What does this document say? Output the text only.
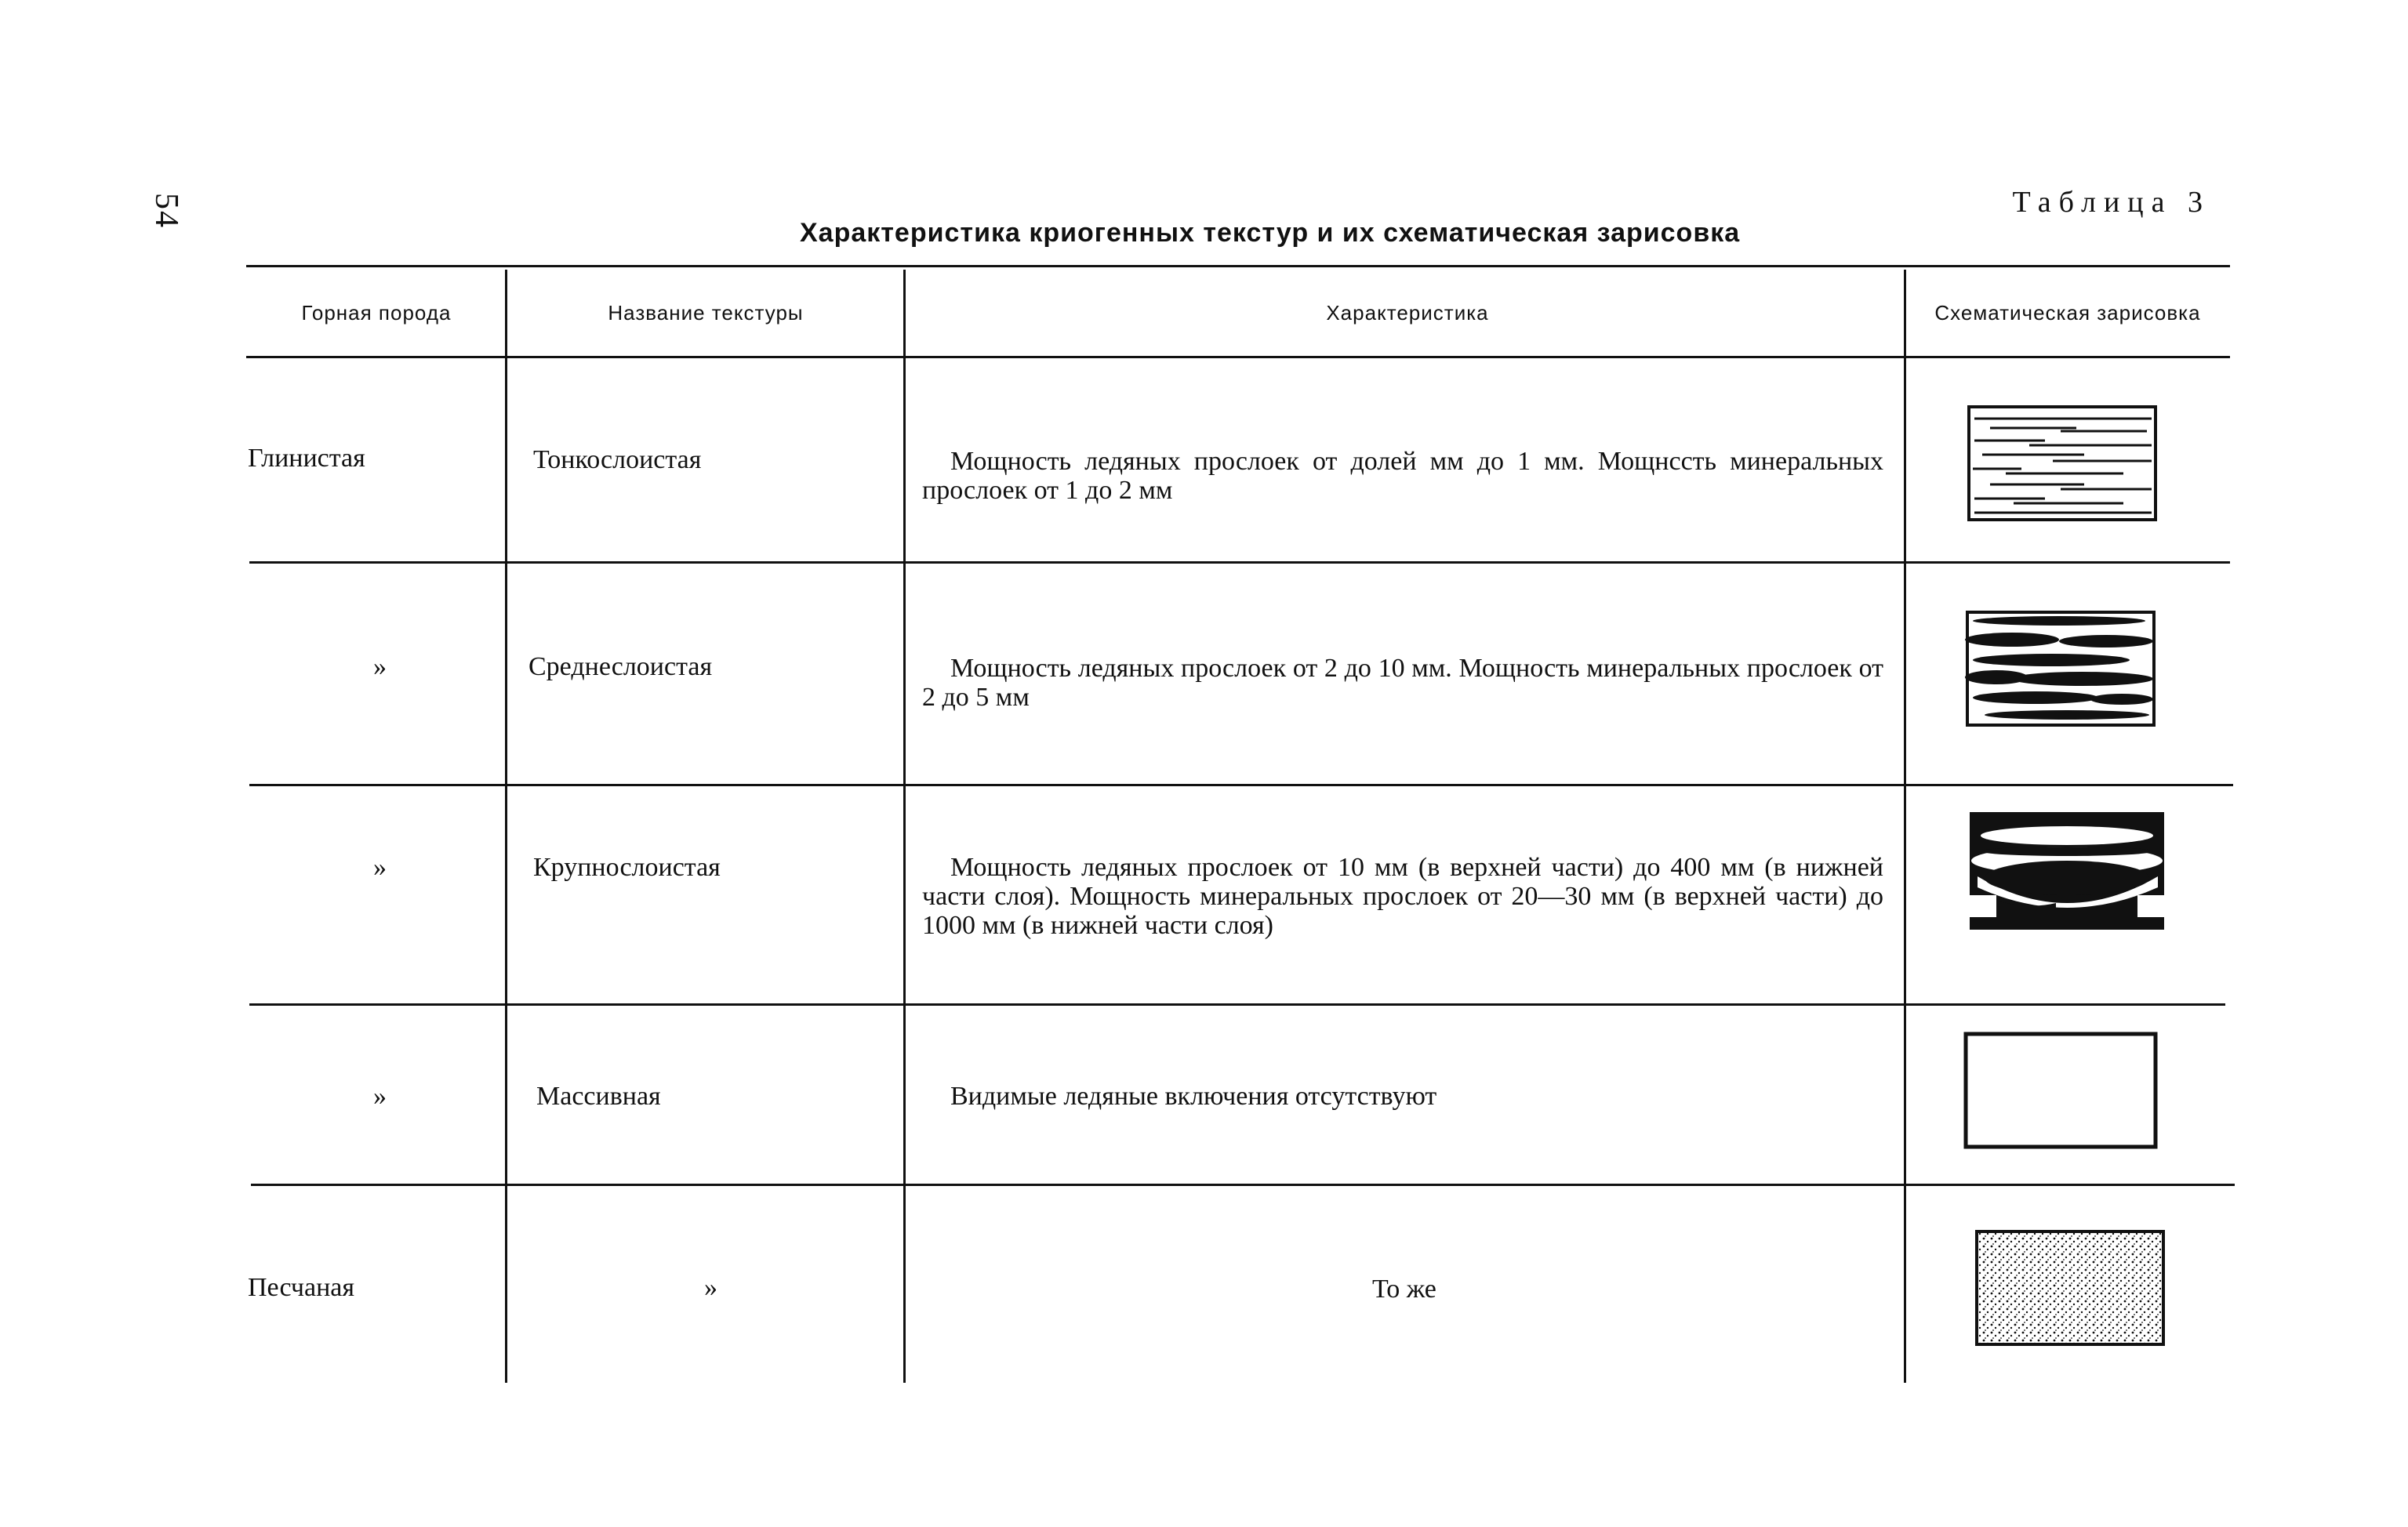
54	Таблица 3
Характеристика криогенных текстур и их схематическая зарисовка
Горная порода	Название текстуры	Характеристика	Схематическая зарисовка
Глинистая	Тонкослоистая	Мощность ледяных прослоек от долей мм до 1 мм. Мощнссть минеральных прослоек от 1 до 2 мм
»	Среднеслоистая	Мощность ледяных прослоек от 2 до 10 мм. Мощность минеральных прослоек от 2 до 5 мм
»	Крупнослоистая	Мощность ледяных прослоек от 10 мм (в верхней части) до 400 мм (в нижней части слоя). Мощность минеральных прослоек от 20—30 мм (в верхней части) до 1000 мм (в нижней части слоя)
»	Массивная	Видимые ледяные включения отсутствуют
Песчаная	»	То же
